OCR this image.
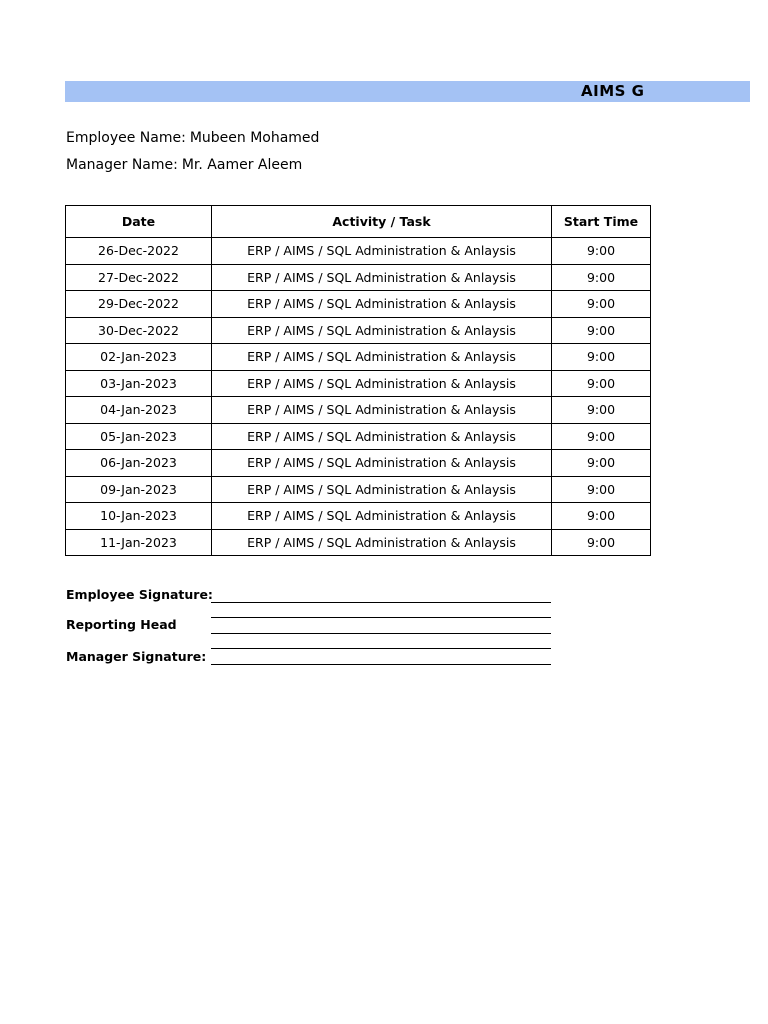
AIMS G
Employee Name: Mubeen Mohamed
Manager Name: Mr. Aamer Aleem
Date	Activity / Task	Start Time
26-Dec-2022	ERP / AIMS / SQL Administration & Anlaysis	9:00
27-Dec-2022	ERP / AIMS / SQL Administration & Anlaysis	9:00
29-Dec-2022	ERP / AIMS / SQL Administration & Anlaysis	9:00
30-Dec-2022	ERP / AIMS / SQL Administration & Anlaysis	9:00
02-Jan-2023	ERP / AIMS / SQL Administration & Anlaysis	9:00
03-Jan-2023	ERP / AIMS / SQL Administration & Anlaysis	9:00
04-Jan-2023	ERP / AIMS / SQL Administration & Anlaysis	9:00
05-Jan-2023	ERP / AIMS / SQL Administration & Anlaysis	9:00
06-Jan-2023	ERP / AIMS / SQL Administration & Anlaysis	9:00
09-Jan-2023	ERP / AIMS / SQL Administration & Anlaysis	9:00
10-Jan-2023	ERP / AIMS / SQL Administration & Anlaysis	9:00
11-Jan-2023	ERP / AIMS / SQL Administration & Anlaysis	9:00
Employee Signature:
Reporting Head
Manager Signature:
